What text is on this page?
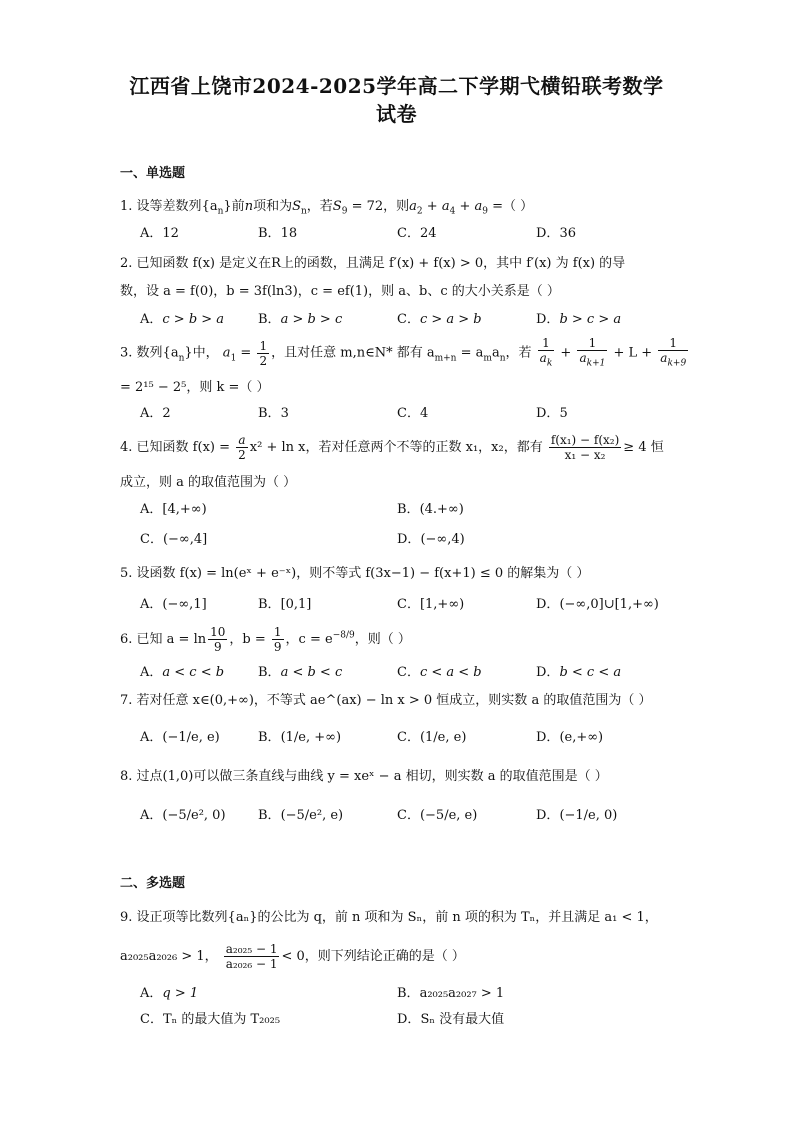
江西省上饶市2024-2025学年高二下学期弋横铅联考数学
试卷
一、单选题
1. 设等差数列$\{a_n\}$前n项和为$S_n$，若$S_9 = 72$，则$a_2 + a_4 + a_9$ =（ ）
A．12	B．18	C．24	D．36
2. 已知函数 f(x) 是定义在R上的函数，且满足 f′(x) + f(x) > 0，其中 f′(x) 为 f(x) 的导
数，设 a = f(0)，b = 3f(ln3)，c = ef(1)，则 a、b、c 的大小关系是（ ）
A．c > b > a	B．a > b > c	C．c > a > b	D．b > c > a
3. 数列$\{a_n\}$中， $a_1 = \frac{1}{2}$ ，且对任意 m,n∈N* 都有 $a_{m+n} = a_ma_n$，若 $\frac{1}{a_k} + \frac{1}{a_{k+1}} + L + \frac{1}{a_{k+9}}$
= 2¹⁵ − 2⁵，则 k =（ ）
A．2	B．3	C．4	D．5
4. 已知函数 $f(x) = \frac{a}{2} x^2 + \ln x$，若对任意两个不等的正数 x₁，x₂，都有 $\frac{\text{f(x₁) − f(x₂)}}{\text{x₁ − x₂}} \ge 4$ 恒
成立，则 a 的取值范围为（ ）
A．[4,+∞)	B．(4.+∞)
C．(−∞,4]	D．(−∞,4)
5. 设函数 f(x) = ln(eˣ + e⁻ˣ)，则不等式 f(3x−1) − f(x+1) ≤ 0 的解集为（ ）
A．(−∞,1]	B．[0,1]	C．[1,+∞)	D．(−∞,0]∪[1,+∞)
6. 已知 $a = \ln \frac{10}{9}$ ，$b = \frac{1}{9}$ ，$c = e^{-8/9}$，则（ ）
A．a < c < b	B．a < b < c	C．c < a < b	D．b < c < a
7. 若对任意 x∈(0,+∞)，不等式 ae^(ax) − ln x > 0 恒成立，则实数 a 的取值范围为（ ）
A．(−1/e, e)	B．(1/e, +∞)	C．(1/e, e)	D．(e,+∞)
8. 过点(1,0)可以做三条直线与曲线 y = xeˣ − a 相切，则实数 a 的取值范围是（ ）
A．(−5/e², 0) B．(−5/e², e)	C．(−5/e, e)	D．(−1/e, 0)
二、多选题
9. 设正项等比数列{aₙ}的公比为 q，前 n 项和为 Sₙ，前 n 项的积为 Tₙ，并且满足 a₁ < 1，
a₂₀₂₅a₂₀₂₆ > 1， $\frac{\text{a₂₀₂₅ − 1}}{\text{a₂₀₂₆ − 1}} < 0$，则下列结论正确的是（ ）
A．q > 1	B．a₂₀₂₅a₂₀₂₇ > 1
C．Tₙ 的最大值为 T₂₀₂₅	D．Sₙ 没有最大值
